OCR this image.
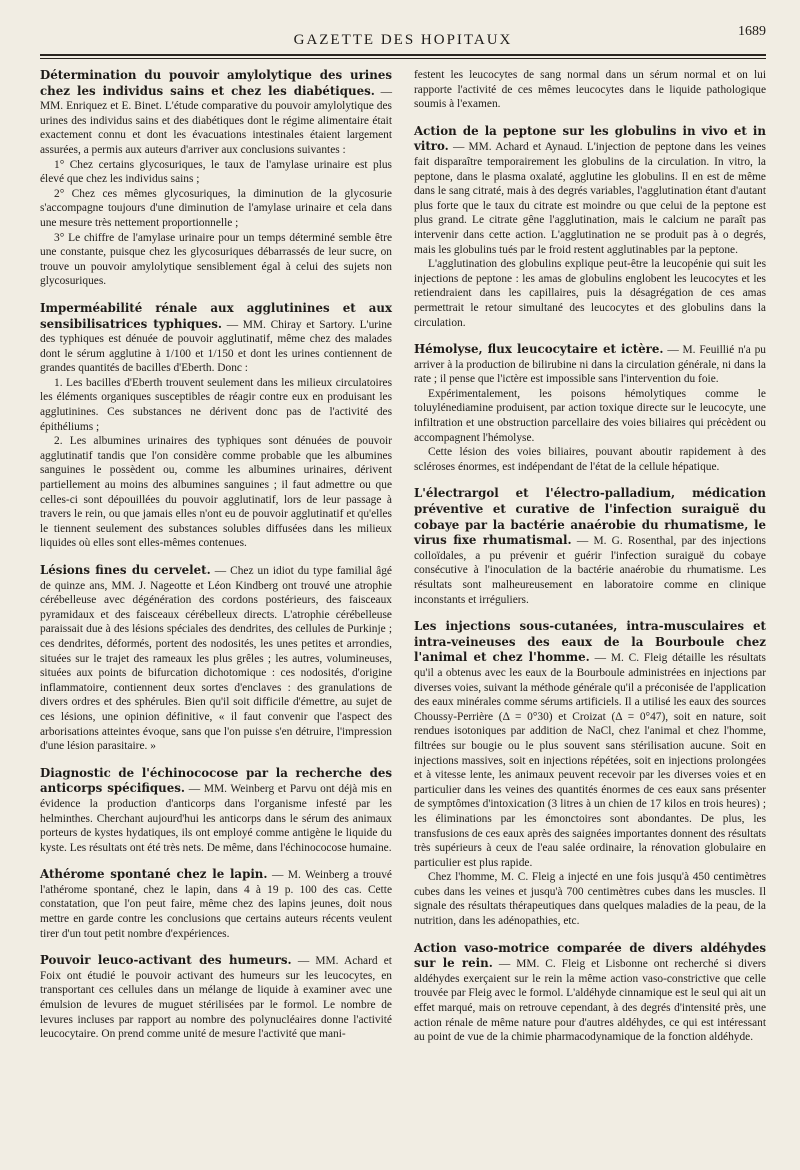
GAZETTE DES HOPITAUX
1689

Détermination du pouvoir amylolytique des urines chez les individus sains et chez les diabétiques. — MM. Enriquez et E. Binet. L'étude comparative du pouvoir amylolytique des urines des individus sains et des diabétiques dont le régime alimentaire était exactement connu et dont les évacuations intestinales étaient largement assurées, a permis aux auteurs d'arriver aux conclusions suivantes :

1° Chez certains glycosuriques, le taux de l'amylase urinaire est plus élevé que chez les individus sains ;

2° Chez ces mêmes glycosuriques, la diminution de la glycosurie s'accompagne toujours d'une diminution de l'amylase urinaire et cela dans une mesure très nettement proportionnelle ;

3° Le chiffre de l'amylase urinaire pour un temps déterminé semble être une constante, puisque chez les glycosuriques débarrassés de leur sucre, on trouve un pouvoir amylolytique sensiblement égal à celui des sujets non glycosuriques.

Imperméabilité rénale aux agglutinines et aux sensibilisatrices typhiques. — MM. Chiray et Sartory. L'urine des typhiques est dénuée de pouvoir agglutinatif, même chez des malades dont le sérum agglutine à 1/100 et 1/150 et dont les urines contiennent de grandes quantités de bacilles d'Eberth. Donc :

1. Les bacilles d'Eberth trouvent seulement dans les milieux circulatoires les éléments organiques susceptibles de réagir contre eux en produisant les agglutinines. Ces substances ne dérivent donc pas de l'activité des épithéliums ;

2. Les albumines urinaires des typhiques sont dénuées de pouvoir agglutinatif tandis que l'on considère comme probable que les albumines sanguines le possèdent ou, comme les albumines urinaires, dérivent partiellement au moins des albumines sanguines ; il faut admettre ou que celles-ci sont dépouillées du pouvoir agglutinatif, lors de leur passage à travers le rein, ou que jamais elles n'ont eu de pouvoir agglutinatif et qu'elles le tiennent seulement des substances solubles diffusées dans les milieux liquides où elles sont elles-mêmes contenues.

Lésions fines du cervelet. — Chez un idiot du type familial âgé de quinze ans, MM. J. Nageotte et Léon Kindberg ont trouvé une atrophie cérébelleuse avec dégénération des cordons postérieurs, des faisceaux pyramidaux et des faisceaux cérébelleux directs. L'atrophie cérébelleuse paraissait due à des lésions spéciales des dendrites, des cellules de Purkinje ; ces dendrites, déformés, portent des nodosités, les unes petites et arrondies, situées sur le trajet des rameaux les plus grêles ; les autres, volumineuses, situées aux points de bifurcation dichotomique : ces nodosités, d'origine inflammatoire, contiennent deux sortes d'enclaves : des granulations de divers ordres et des sphérules. Bien qu'il soit difficile d'émettre, au sujet de ces lésions, une opinion définitive, « il faut convenir que l'aspect des arborisations atteintes évoque, sans que l'on puisse s'en détruire, l'impression d'une lésion parasitaire. »

Diagnostic de l'échinococose par la recherche des anticorps spécifiques. — MM. Weinberg et Parvu ont déjà mis en évidence la production d'anticorps dans l'organisme infesté par les helminthes. Cherchant aujourd'hui les anticorps dans le sérum des animaux porteurs de kystes hydatiques, ils ont employé comme antigène le liquide du kyste. Les résultats ont été très nets. De même, dans l'échinococose humaine.

Athérome spontané chez le lapin. — M. Weinberg a trouvé l'athérome spontané, chez le lapin, dans 4 à 19 p. 100 des cas. Cette constatation, que l'on peut faire, même chez des lapins jeunes, doit nous mettre en garde contre les conclusions que certains auteurs récents veulent tirer d'un tout petit nombre d'expériences.

Pouvoir leuco-activant des humeurs. — MM. Achard et Foix ont étudié le pouvoir activant des humeurs sur les leucocytes, en transportant ces cellules dans un mélange de liquide à examiner avec une émulsion de levures de muguet stérilisées par le formol. Le nombre de levures incluses par rapport au nombre des polynucléaires donne l'activité leucocytaire. On prend comme unité de mesure l'activité que mani-

festent les leucocytes de sang normal dans un sérum normal et on lui rapporte l'activité de ces mêmes leucocytes dans le liquide pathologique soumis à l'examen.

Action de la peptone sur les globulins in vivo et in vitro. — MM. Achard et Aynaud. L'injection de peptone dans les veines fait disparaître temporairement les globulins de la circulation. In vitro, la peptone, dans le plasma oxalaté, agglutine les globulins. Il en est de même dans le sang citraté, mais à des degrés variables, l'agglutination étant d'autant plus forte que le taux du citrate est moindre ou que celui de la peptone est plus grand. Le citrate gêne l'agglutination, mais le calcium ne paraît pas intervenir dans cette action. L'agglutination ne se produit pas à o degrés, mais les globulins tués par le froid restent agglutinables par la peptone.

L'agglutination des globulins explique peut-être la leucopénie qui suit les injections de peptone : les amas de globulins englobent les leucocytes et les retiendraient dans les capillaires, puis la désagrégation de ces amas permettrait le retour simultané des leucocytes et des globulins dans la circulation.

Hémolyse, flux leucocytaire et ictère. — M. Feuillié n'a pu arriver à la production de bilirubine ni dans la circulation générale, ni dans la rate ; il pense que l'ictère est impossible sans l'intervention du foie.

Expérimentalement, les poisons hémolytiques comme le toluylénediamine produisent, par action toxique directe sur le leucocyte, une infiltration et une obstruction parcellaire des voies biliaires qui précèdent ou accompagnent l'hémolyse.

Cette lésion des voies biliaires, pouvant aboutir rapidement à des scléroses énormes, est indépendant de l'état de la cellule hépatique.

L'électrargol et l'électro-palladium, médication préventive et curative de l'infection suraiguë du cobaye par la bactérie anaérobie du rhumatisme, le virus fixe rhumatismal. — M. G. Rosenthal, par des injections colloïdales, a pu prévenir et guérir l'infection suraiguë du cobaye consécutive à l'inoculation de la bactérie anaérobie du rhumatisme. Les résultats sont malheureusement en laboratoire comme en clinique inconstants et irréguliers.

Les injections sous-cutanées, intra-musculaires et intra-veineuses des eaux de la Bourboule chez l'animal et chez l'homme. — M. C. Fleig détaille les résultats qu'il a obtenus avec les eaux de la Bourboule administrées en injections par diverses voies, suivant la méthode générale qu'il a préconisée de l'application des eaux minérales comme sérums artificiels. Il a utilisé les eaux des sources Choussy-Perrière (Δ = 0°30) et Croizat (Δ = 0°47), soit en nature, soit rendues isotoniques par addition de NaCl, chez l'animal et chez l'homme, filtrées sur bougie ou le plus souvent sans stérilisation aucune. Soit en injections massives, soit en injections répétées, soit en injections prolongées et à vitesse lente, les animaux peuvent recevoir par les diverses voies et en particulier dans les veines des quantités énormes de ces eaux sans présenter de symptômes d'intoxication (3 litres à un chien de 17 kilos en trois heures) ; les éliminations par les émonctoires sont abondantes. De plus, les transfusions de ces eaux après des saignées importantes donnent des résultats très supérieurs à ceux de l'eau salée ordinaire, la rénovation globulaire en particulier est plus rapide.

Chez l'homme, M. C. Fleig a injecté en une fois jusqu'à 450 centimètres cubes dans les veines et jusqu'à 700 centimètres cubes dans les muscles. Il signale des résultats thérapeutiques dans quelques maladies de la peau, de la nutrition, dans les adénopathies, etc.

Action vaso-motrice comparée de divers aldéhydes sur le rein. — MM. C. Fleig et Lisbonne ont recherché si divers aldéhydes exerçaient sur le rein la même action vaso-constrictive que celle trouvée par Fleig avec le formol. L'aldéhyde cinnamique est le seul qui ait un effet marqué, mais on retrouve cependant, à des degrés d'intensité près, une action rénale de même nature pour d'autres aldéhydes, ce qui est intéressant au point de vue de la chimie pharmacodynamique de la fonction aldéhyde.
